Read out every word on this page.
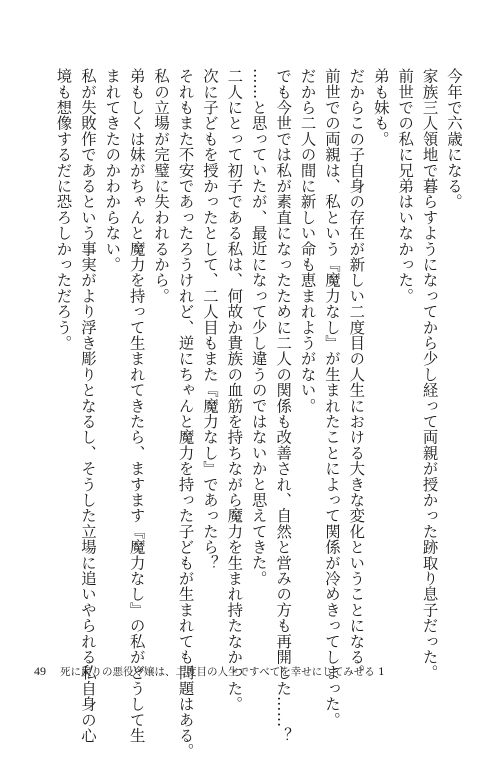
今年で六歳になる。
家族三人領地で暮らすようになってから少し経って両親が授かった跡取り息子だった。
前世での私に兄弟はいなかった。
弟も妹も。
だからこの子自身の存在が新しい二度目の人生における大きな変化ということになる。
前世での両親は、私という『魔力なし』が生まれたことによって関係が冷めきってしまった。
だから二人の間に新しい命も恵まれようがない。
でも今世では私が素直になったために二人の関係も改善され、自然と営みの方も再開した……？
……と思っていたが、最近になって少し違うのではないかと思えてきた。
二人にとって初子である私は、何故か貴族の血筋を持ちながら魔力を生まれ持たなかった。
次に子どもを授かったとして、二人目もまた『魔力なし』であったら？
それもまた不安であったろうけれど、逆にちゃんと魔力を持った子どもが生まれても問題はある。
私の立場が完璧に失われるから。
弟もしくは妹がちゃんと魔力を持って生まれてきたら、ますます『魔力なし』の私がどうして生
まれてきたのかわからない。
私が失敗作であるという事実がより浮き彫りとなるし、そうした立場に追いやられる私自身の心
境も想像するだに恐ろしかっただろう。
49 死に戻りの悪役令嬢は、二度目の人生ですべてを幸せにしてみせる 1
